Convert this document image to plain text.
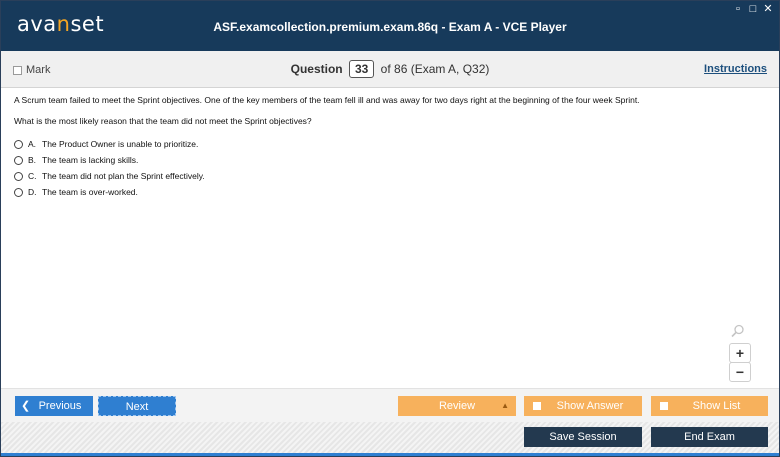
avanset	ASF.examcollection.premium.exam.86q - Exam A - VCE Player
▫ □ ✕
Mark	Question 33 of 86 (Exam A, Q32)	Instructions

A Scrum team failed to meet the Sprint objectives. One of the key members of the team fell ill and was away for two days right at the beginning of the four week Sprint.

What is the most likely reason that the team did not meet the Sprint objectives?

A. The Product Owner is unable to prioritize.
B. The team is lacking skills.
C. The team did not plan the Sprint effectively.
D. The team is over-worked.
+
−
❮ Previous	Next	Review	▲	Show Answer	Show List
Save Session	End Exam
